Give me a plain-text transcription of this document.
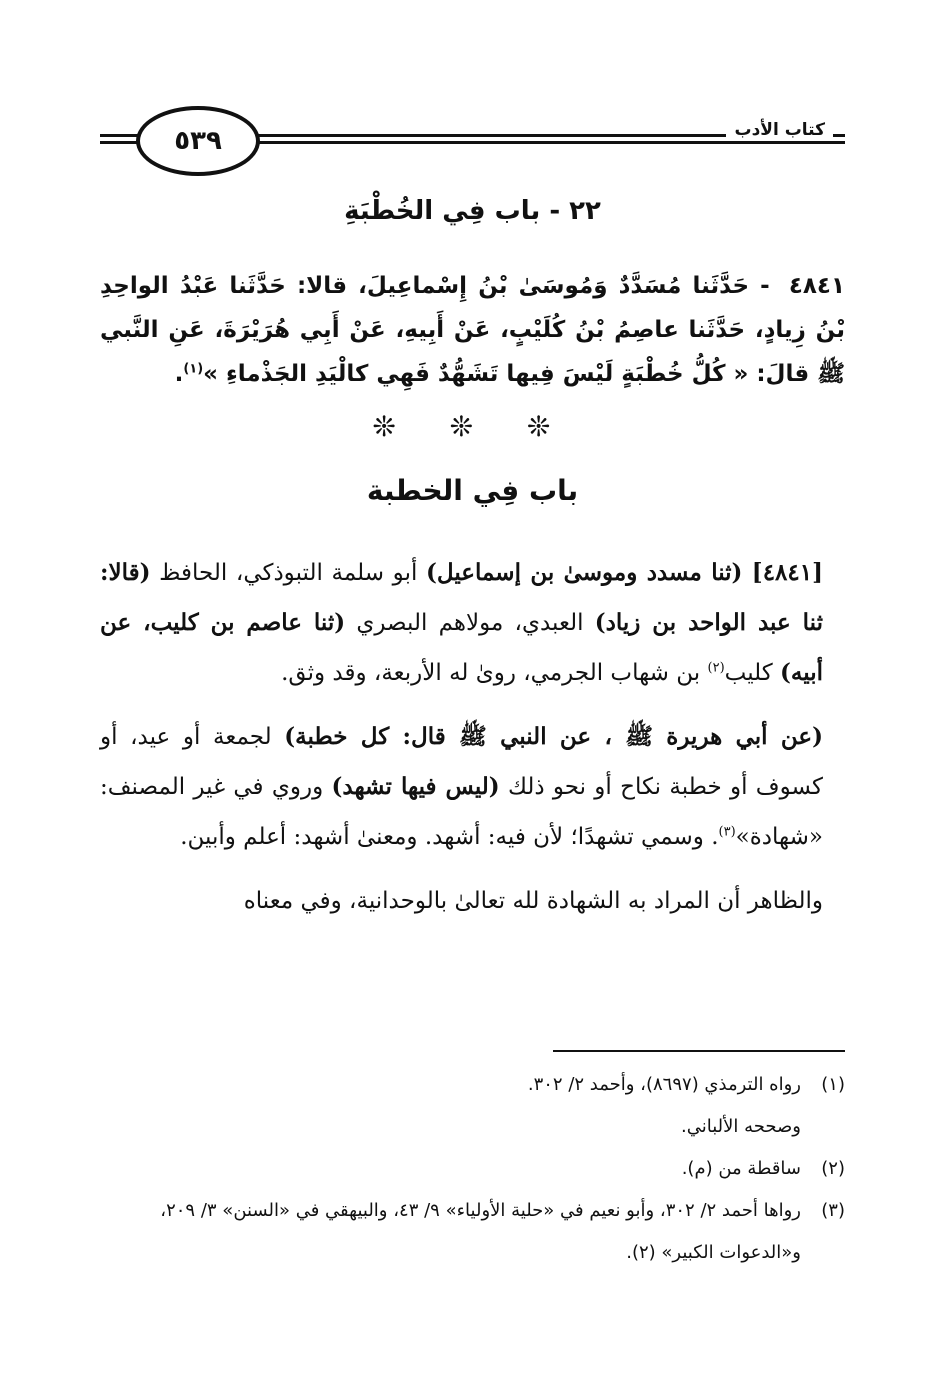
كتاب الأدب
٥٣٩
٢٢ - باب فِي الخُطْبَةِ
٤٨٤١ - حَدَّثَنا مُسَدَّدٌ وَمُوسَىٰ بْنُ إِسْماعِيلَ، قالا: حَدَّثَنا عَبْدُ الواحِدِ بْنُ زِيادٍ، حَدَّثَنا عاصِمُ بْنُ كُلَيْبٍ، عَنْ أَبِيهِ، عَنْ أَبِي هُرَيْرَةَ، عَنِ النَّبي ﷺ قالَ: « كُلُّ خُطْبَةٍ لَيْسَ فِيها تَشَهُّدٌ فَهِي كالْيَدِ الجَذْماءِ »$^{(١)}$.
❊ ❊ ❊
باب فِي الخطبة

[٤٨٤١] (ثنا مسدد وموسىٰ بن إسماعيل) أبو سلمة التبوذكي، الحافظ (قالا: ثنا عبد الواحد بن زياد) العبدي، مولاهم البصري (ثنا عاصم بن كليب، عن أبيه) كليب$^{(٢)}$ بن شهاب الجرمي، روىٰ له الأربعة، وقد وثق.

(عن أبي هريرة ﷺ ، عن النبي ﷺ قال: كل خطبة) لجمعة أو عيد، أو كسوف أو خطبة نكاح أو نحو ذلك (ليس فيها تشهد) وروي في غير المصنف: «شهادة»$^{(٣)}$. وسمي تشهدًا؛ لأن فيه: أشهد. ومعنىٰ أشهد: أعلم وأبين.

والظاهر أن المراد به الشهادة لله تعالىٰ بالوحدانية، وفي معناه

(١)
رواه الترمذي (٨٦٩٧)، وأحمد ٢/ ٣٠٢.
وصححه الألباني.
(٢)
ساقطة من (م).
(٣)
رواها أحمد ٢/ ٣٠٢، وأبو نعيم في «حلية الأولياء» ٩/ ٤٣، والبيهقي في «السنن» ٣/ ٢٠٩، و«الدعوات الكبير» (٢).
